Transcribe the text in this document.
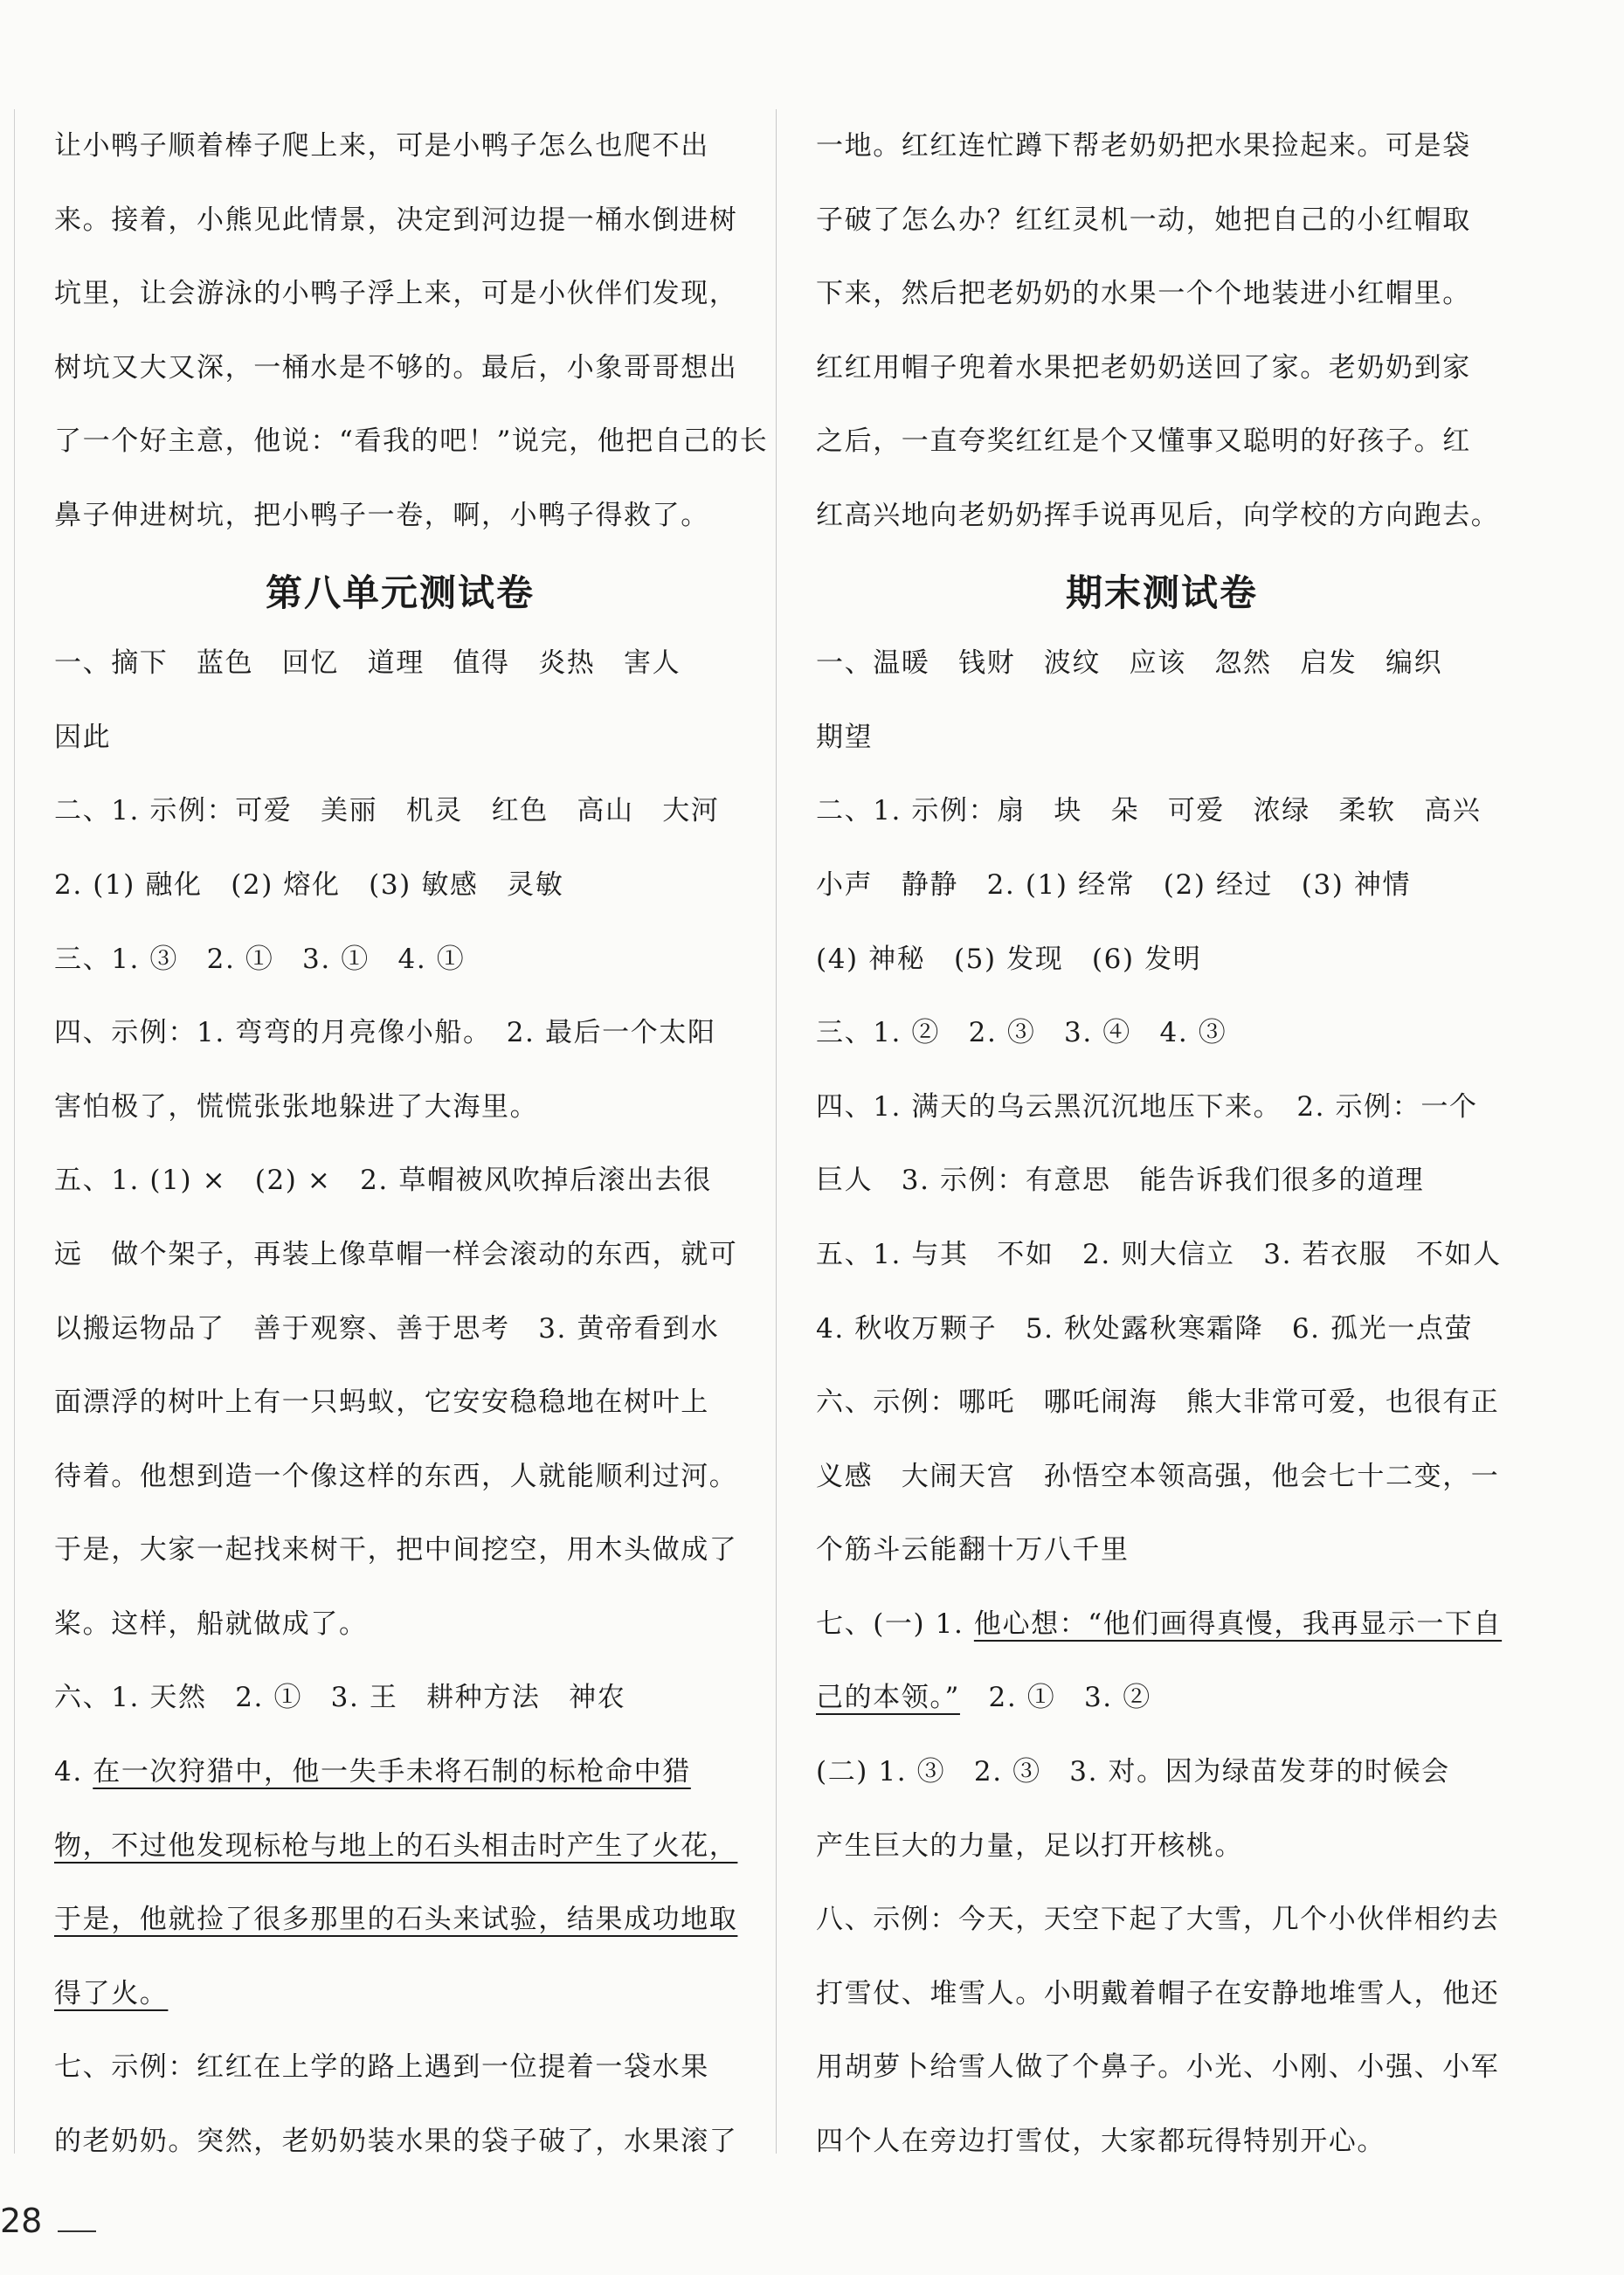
让小鸭子顺着棒子爬上来，可是小鸭子怎么也爬不出
来。接着，小熊见此情景，决定到河边提一桶水倒进树
坑里，让会游泳的小鸭子浮上来，可是小伙伴们发现，
树坑又大又深，一桶水是不够的。最后，小象哥哥想出
了一个好主意，他说：“看我的吧！”说完，他把自己的长
鼻子伸进树坑，把小鸭子一卷，啊，小鸭子得救了。
第八单元测试卷
一、摘下　蓝色　回忆　道理　值得　炎热　害人
因此
二、1. 示例：可爱　美丽　机灵　红色　高山　大河
2. (1) 融化　(2) 熔化　(3) 敏感　灵敏
三、1. ③　2. ①　3. ①　4. ①
四、示例：1. 弯弯的月亮像小船。　2. 最后一个太阳
害怕极了，慌慌张张地躲进了大海里。
五、1. (1) ×　(2) ×　2. 草帽被风吹掉后滚出去很
远　做个架子，再装上像草帽一样会滚动的东西，就可
以搬运物品了　善于观察、善于思考　3. 黄帝看到水
面漂浮的树叶上有一只蚂蚁，它安安稳稳地在树叶上
待着。他想到造一个像这样的东西，人就能顺利过河。
于是，大家一起找来树干，把中间挖空，用木头做成了
桨。这样，船就做成了。
六、1. 天然　2. ①　3. 王　耕种方法　神农
4. 在一次狩猎中，他一失手未将石制的标枪命中猎
物，不过他发现标枪与地上的石头相击时产生了火花，
于是，他就捡了很多那里的石头来试验，结果成功地取
得了火。
七、示例：红红在上学的路上遇到一位提着一袋水果
的老奶奶。突然，老奶奶装水果的袋子破了，水果滚了
一地。红红连忙蹲下帮老奶奶把水果捡起来。可是袋
子破了怎么办？红红灵机一动，她把自己的小红帽取
下来，然后把老奶奶的水果一个个地装进小红帽里。
红红用帽子兜着水果把老奶奶送回了家。老奶奶到家
之后，一直夸奖红红是个又懂事又聪明的好孩子。红
红高兴地向老奶奶挥手说再见后，向学校的方向跑去。
期末测试卷
一、温暖　钱财　波纹　应该　忽然　启发　编织
期望
二、1. 示例：扇　块　朵　可爱　浓绿　柔软　高兴
小声　静静　2. (1) 经常　(2) 经过　(3) 神情
(4) 神秘　(5) 发现　(6) 发明
三、1. ②　2. ③　3. ④　4. ③
四、1. 满天的乌云黑沉沉地压下来。　2. 示例：一个
巨人　3. 示例：有意思　能告诉我们很多的道理
五、1. 与其　不如　2. 则大信立　3. 若衣服　不如人
4. 秋收万颗子　5. 秋处露秋寒霜降　6. 孤光一点萤
六、示例：哪吒　哪吒闹海　熊大非常可爱，也很有正
义感　大闹天宫　孙悟空本领高强，他会七十二变，一
个筋斗云能翻十万八千里
七、(一) 1. 他心想：“他们画得真慢，我再显示一下自
己的本领。”　2. ①　3. ②
(二) 1. ③　2. ③　3. 对。因为绿苗发芽的时候会
产生巨大的力量，足以打开核桃。
八、示例：今天，天空下起了大雪，几个小伙伴相约去
打雪仗、堆雪人。小明戴着帽子在安静地堆雪人，他还
用胡萝卜给雪人做了个鼻子。小光、小刚、小强、小军
四个人在旁边打雪仗，大家都玩得特别开心。
28
